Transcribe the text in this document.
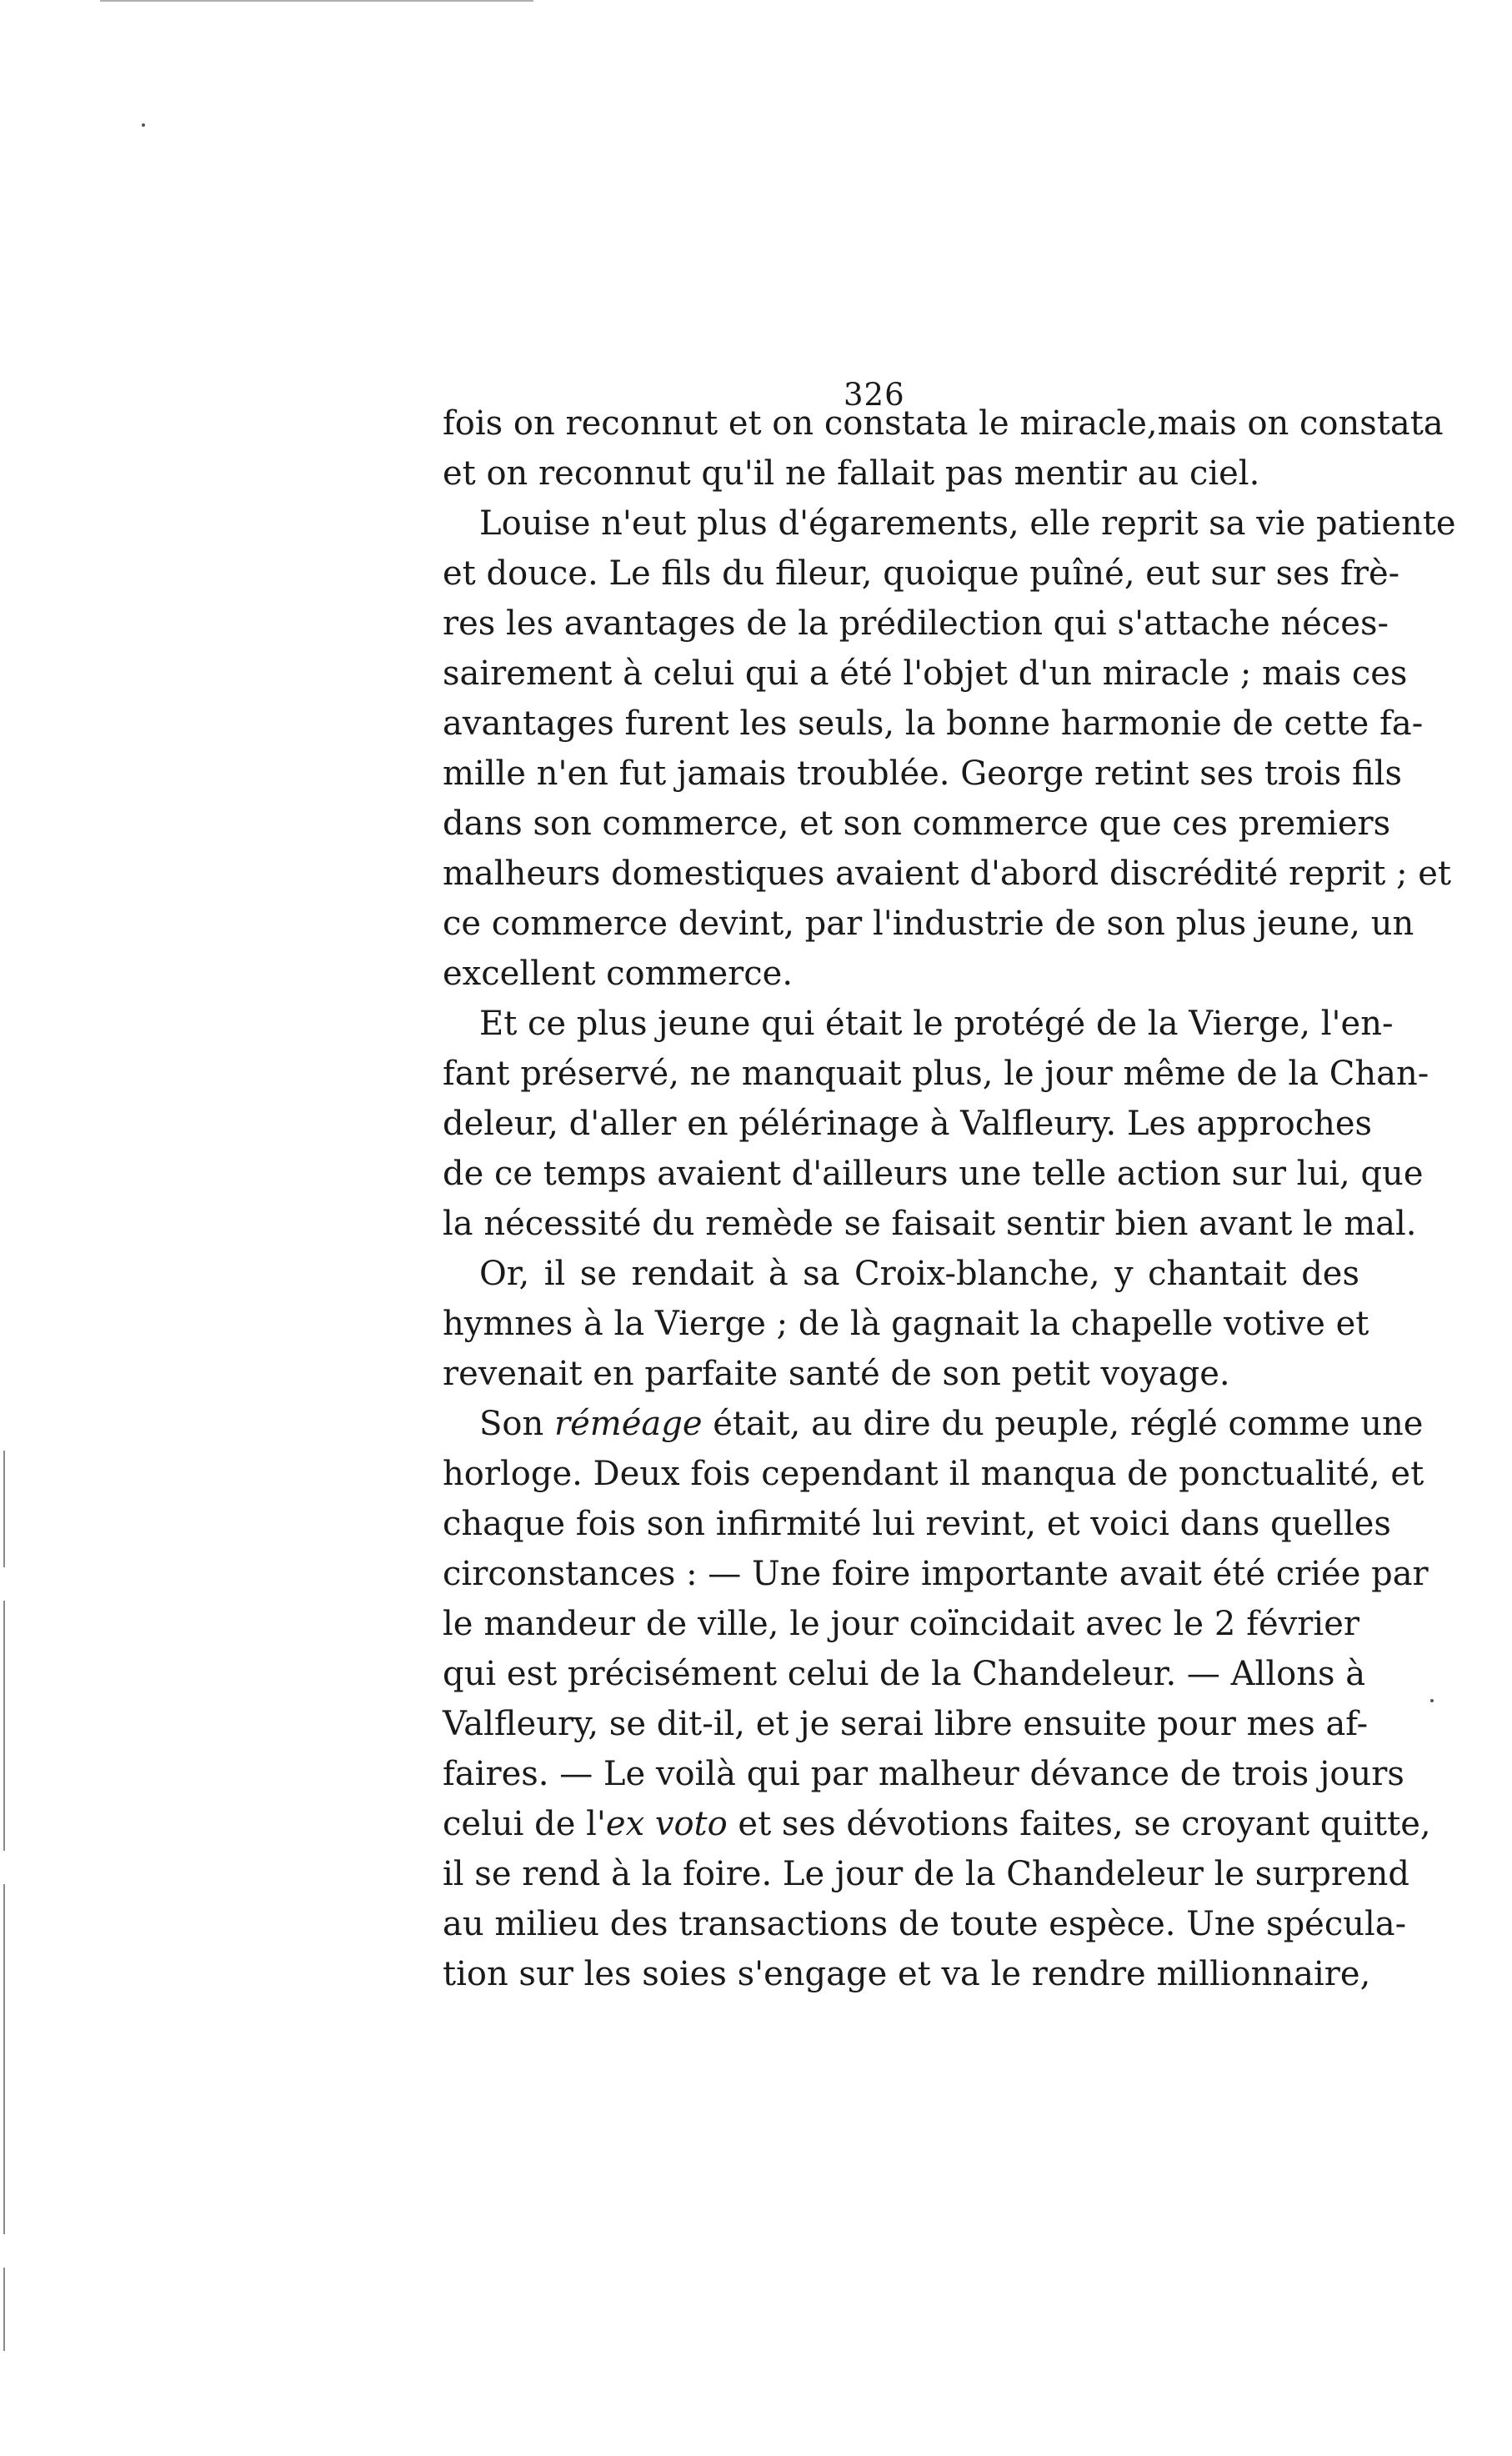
326
fois on reconnut et on constata le miracle,mais on constata
et on reconnut qu'il ne fallait pas mentir au ciel.
Louise n'eut plus d'égarements, elle reprit sa vie patiente
et douce. Le fils du fileur, quoique puîné, eut sur ses frè-
res les avantages de la prédilection qui s'attache néces-
sairement à celui qui a été l'objet d'un miracle ; mais ces
avantages furent les seuls, la bonne harmonie de cette fa-
mille n'en fut jamais troublée. George retint ses trois fils
dans son commerce, et son commerce que ces premiers
malheurs domestiques avaient d'abord discrédité reprit ; et
ce commerce devint, par l'industrie de son plus jeune, un
excellent commerce.
Et ce plus jeune qui était le protégé de la Vierge, l'en-
fant préservé, ne manquait plus, le jour même de la Chan-
deleur, d'aller en pélérinage à Valfleury. Les approches
de ce temps avaient d'ailleurs une telle action sur lui, que
la nécessité du remède se faisait sentir bien avant le mal.
Or, il se rendait à sa Croix-blanche, y chantait des
hymnes à la Vierge ; de là gagnait la chapelle votive et
revenait en parfaite santé de son petit voyage.
Son réméage était, au dire du peuple, réglé comme une
horloge. Deux fois cependant il manqua de ponctualité, et
chaque fois son infirmité lui revint, et voici dans quelles
circonstances : — Une foire importante avait été criée par
le mandeur de ville, le jour coïncidait avec le 2 février
qui est précisément celui de la Chandeleur. — Allons à
Valfleury, se dit-il, et je serai libre ensuite pour mes af-
faires. — Le voilà qui par malheur dévance de trois jours
celui de l'ex voto et ses dévotions faites, se croyant quitte,
il se rend à la foire. Le jour de la Chandeleur le surprend
au milieu des transactions de toute espèce. Une spécula-
tion sur les soies s'engage et va le rendre millionnaire,
